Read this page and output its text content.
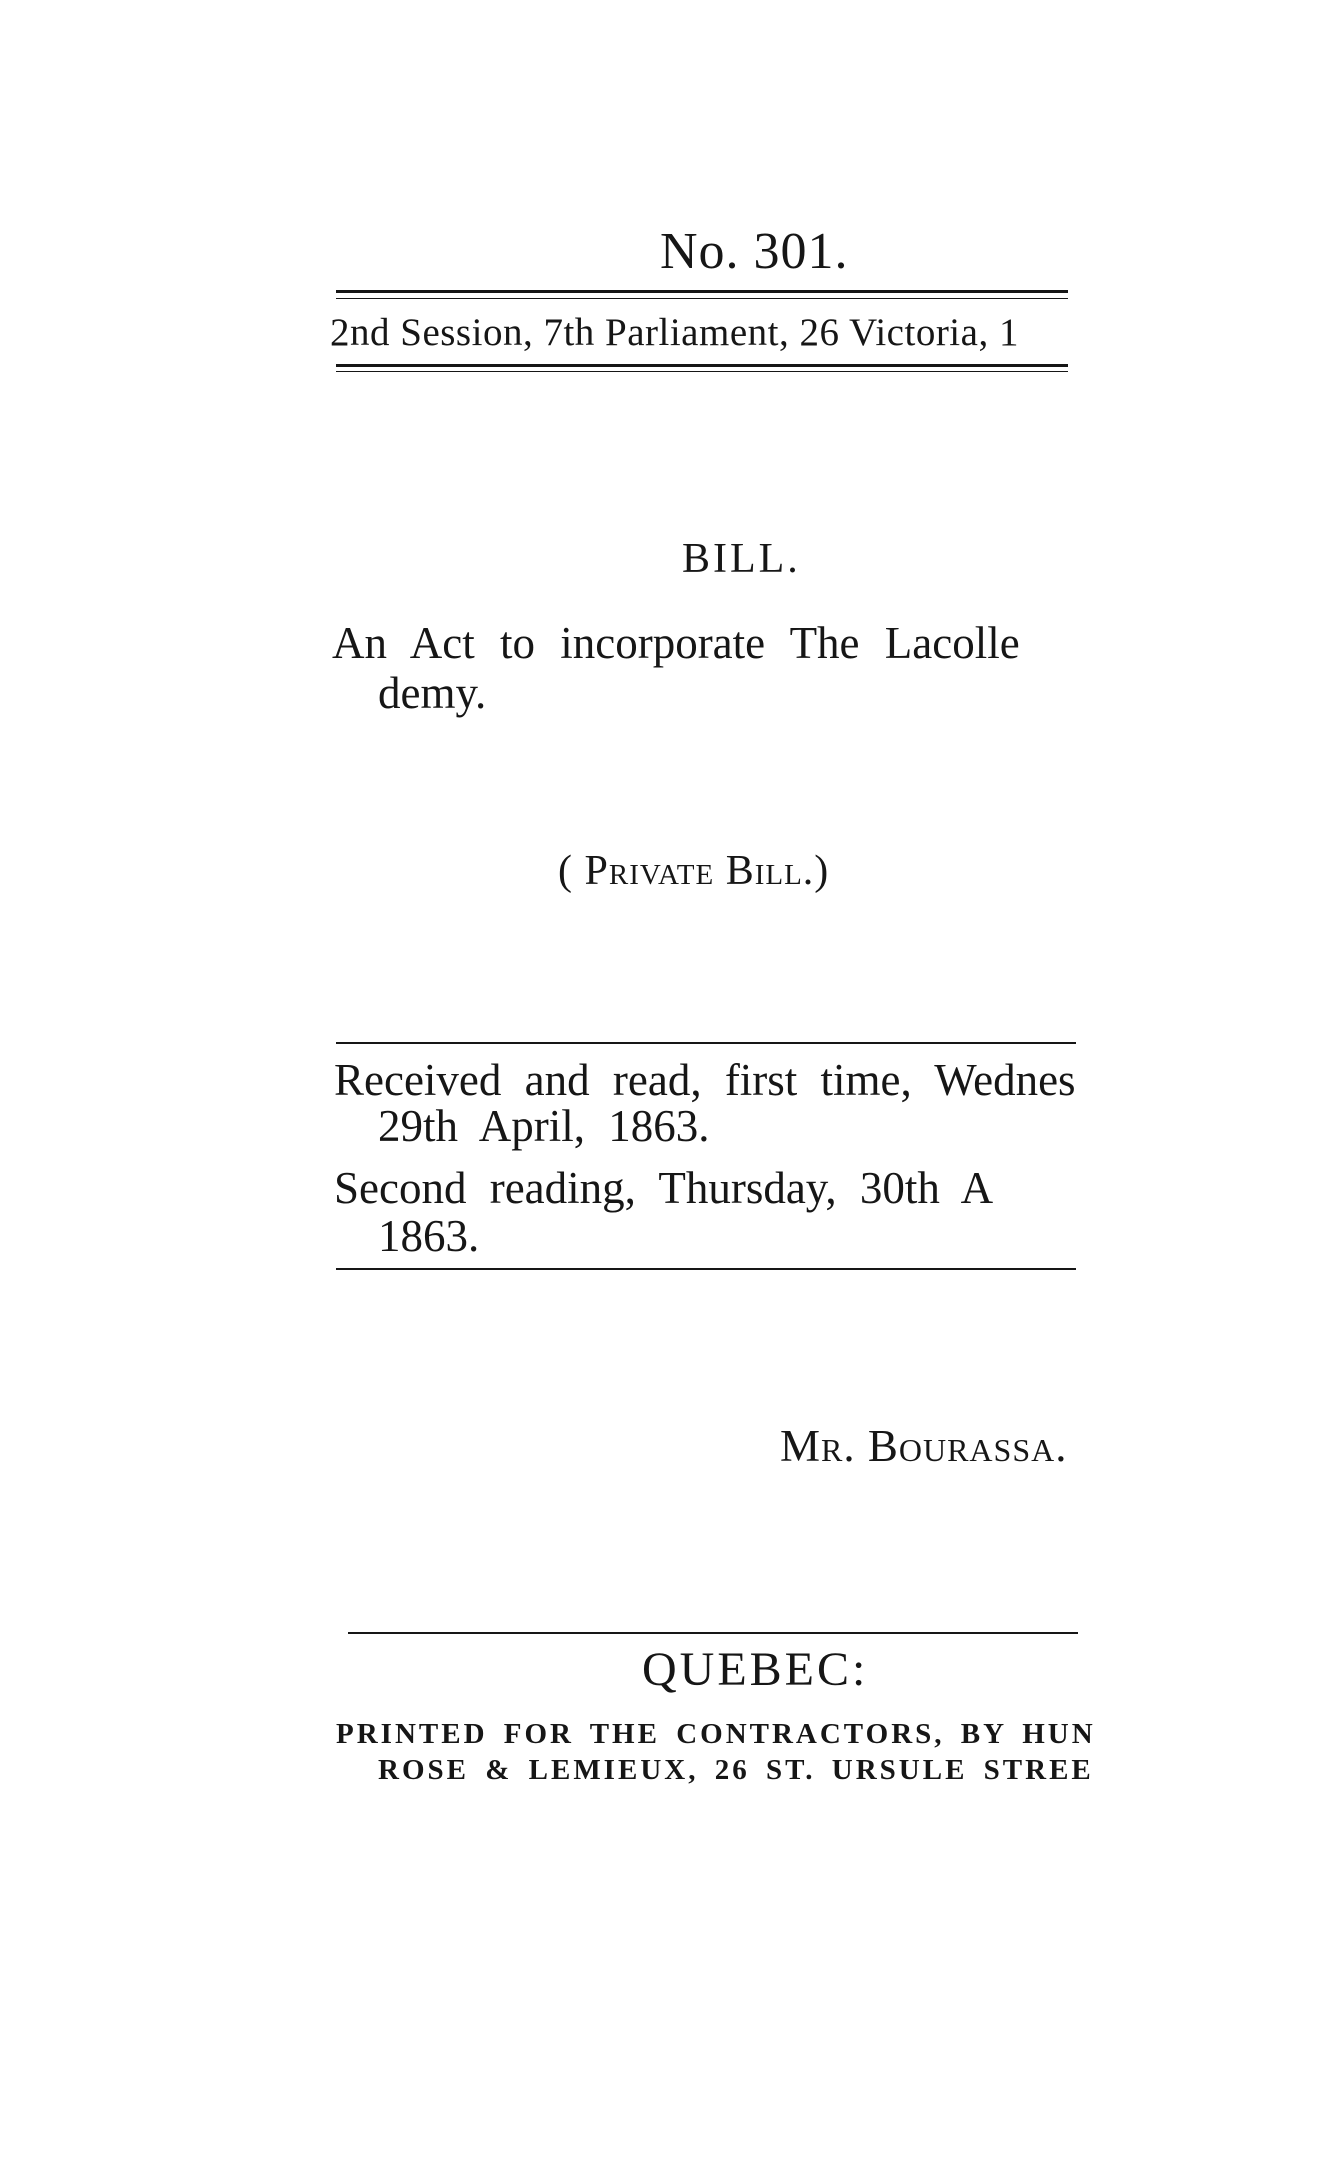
No. 301.
2nd Session, 7th Parliament, 26 Victoria, 1
BILL.
An Act to incorporate The Lacolle
demy.
( Private Bill.)
Received and read, first time, Wednes
29th April, 1863.
Second reading, Thursday, 30th A
1863.
Mr. Bourassa.
QUEBEC:
PRINTED FOR THE CONTRACTORS, BY HUN
ROSE & LEMIEUX, 26 ST. URSULE STREE
